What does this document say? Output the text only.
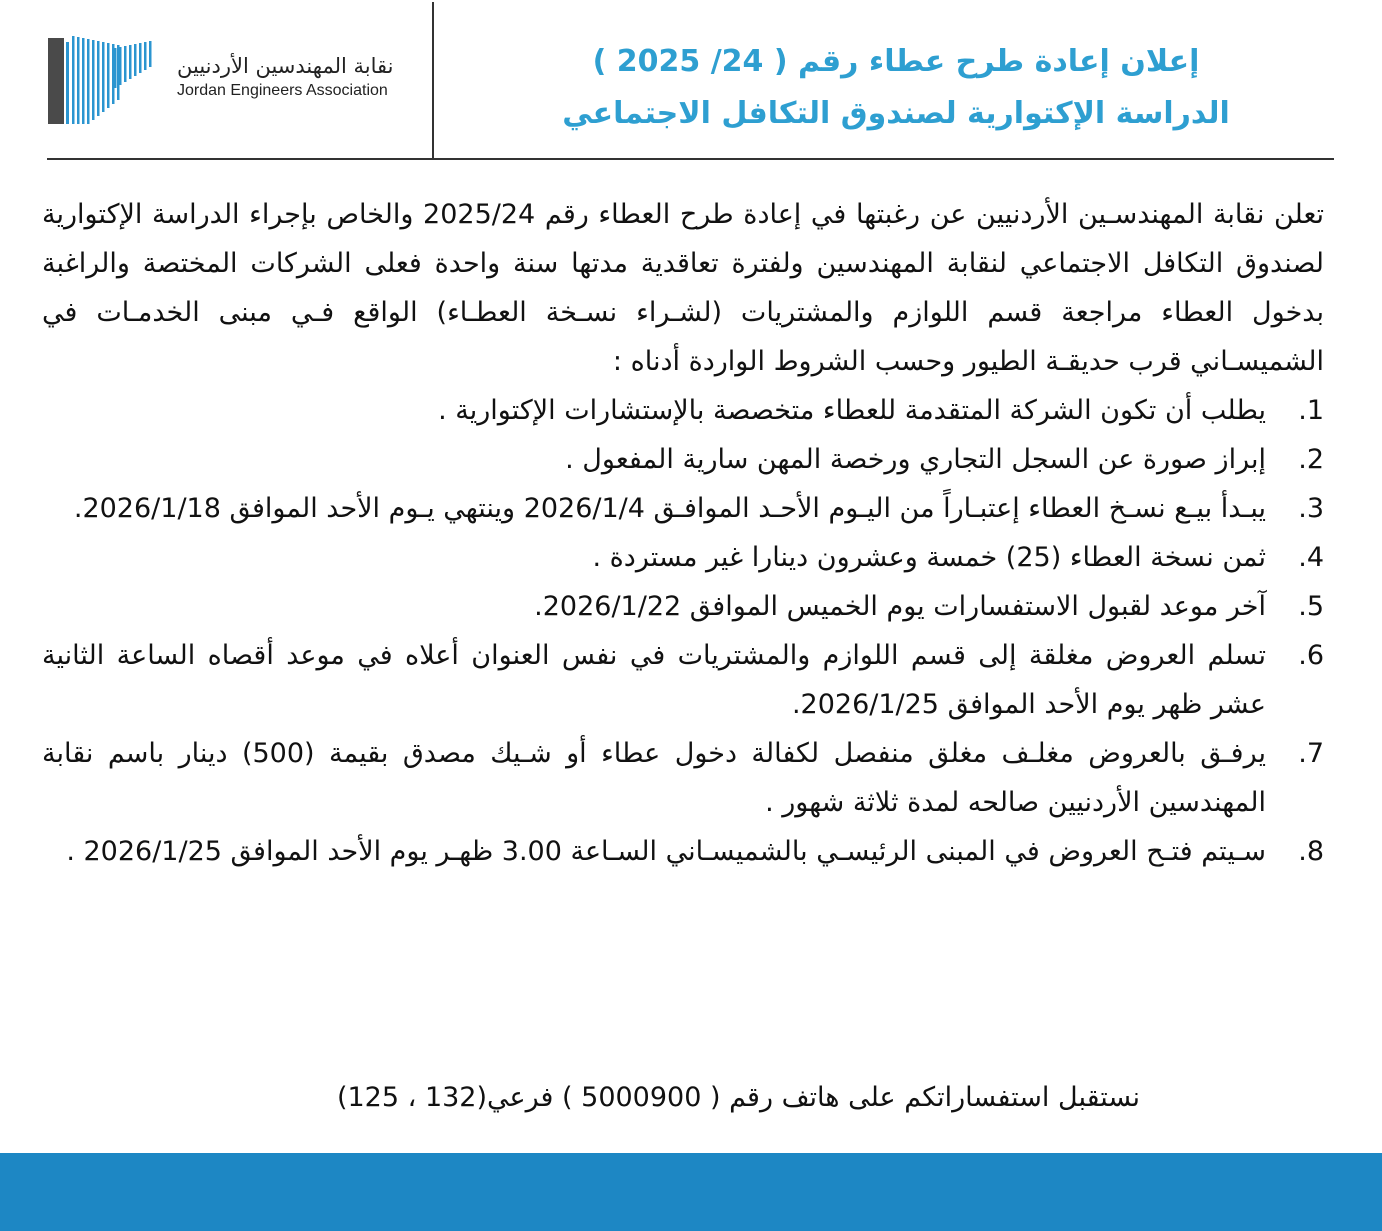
نقابة المهندسين الأردنيين
Jordan Engineers Association
إعلان إعادة طرح عطاء رقم ( 24/ 2025 )
الدراسة الإكتوارية لصندوق التكافل الاجتماعي

تعلن نقابة المهندسـين الأردنيين عن رغبتها في إعادة طرح العطاء رقم 2025/24 والخاص بإجراء الدراسة الإكتوارية لصندوق التكافل الاجتماعي لنقابة المهندسين ولفترة تعاقدية مدتها سنة واحدة فعلى الشركات المختصة والراغبة بدخول العطاء مراجعة قسم اللوازم والمشتريات (لشـراء نسـخة العطـاء) الواقع فـي مبنى الخدمـات في الشميسـاني قرب حديقـة الطيور وحسب الشروط الواردة أدناه :

1.
يطلب أن تكون الشركة المتقدمة للعطاء متخصصة بالإستشارات الإكتوارية .
2.
إبراز صورة عن السجل التجاري ورخصة المهن سارية المفعول .
3.
يبـدأ بيـع نسـخ العطاء إعتبـاراً من اليـوم الأحـد الموافـق 2026/1/4 وينتهي يـوم الأحد الموافق 2026/1/18.
4.
ثمن نسخة العطاء (25) خمسة وعشرون دينارا غير مستردة .
5.
آخر موعد لقبول الاستفسارات يوم الخميس الموافق 2026/1/22.
6.
تسلم العروض مغلقة إلى قسم اللوازم والمشتريات في نفس العنوان أعلاه في موعد أقصاه الساعة الثانية عشر ظهر يوم الأحد الموافق 2026/1/25.
7.
يرفـق بالعروض مغلـف مغلق منفصل لكفالة دخول عطاء أو شـيك مصدق بقيمة (500) دينار باسم نقابة المهندسين الأردنيين صالحه لمدة ثلاثة شهور .
8.
سـيتم فتـح العروض في المبنى الرئيسـي بالشميسـاني السـاعة 3.00 ظهـر يوم الأحد الموافق 2026/1/25 .
نستقبل استفساراتكم على هاتف رقم ( 5000900 ) فرعي(132 ، 125)
